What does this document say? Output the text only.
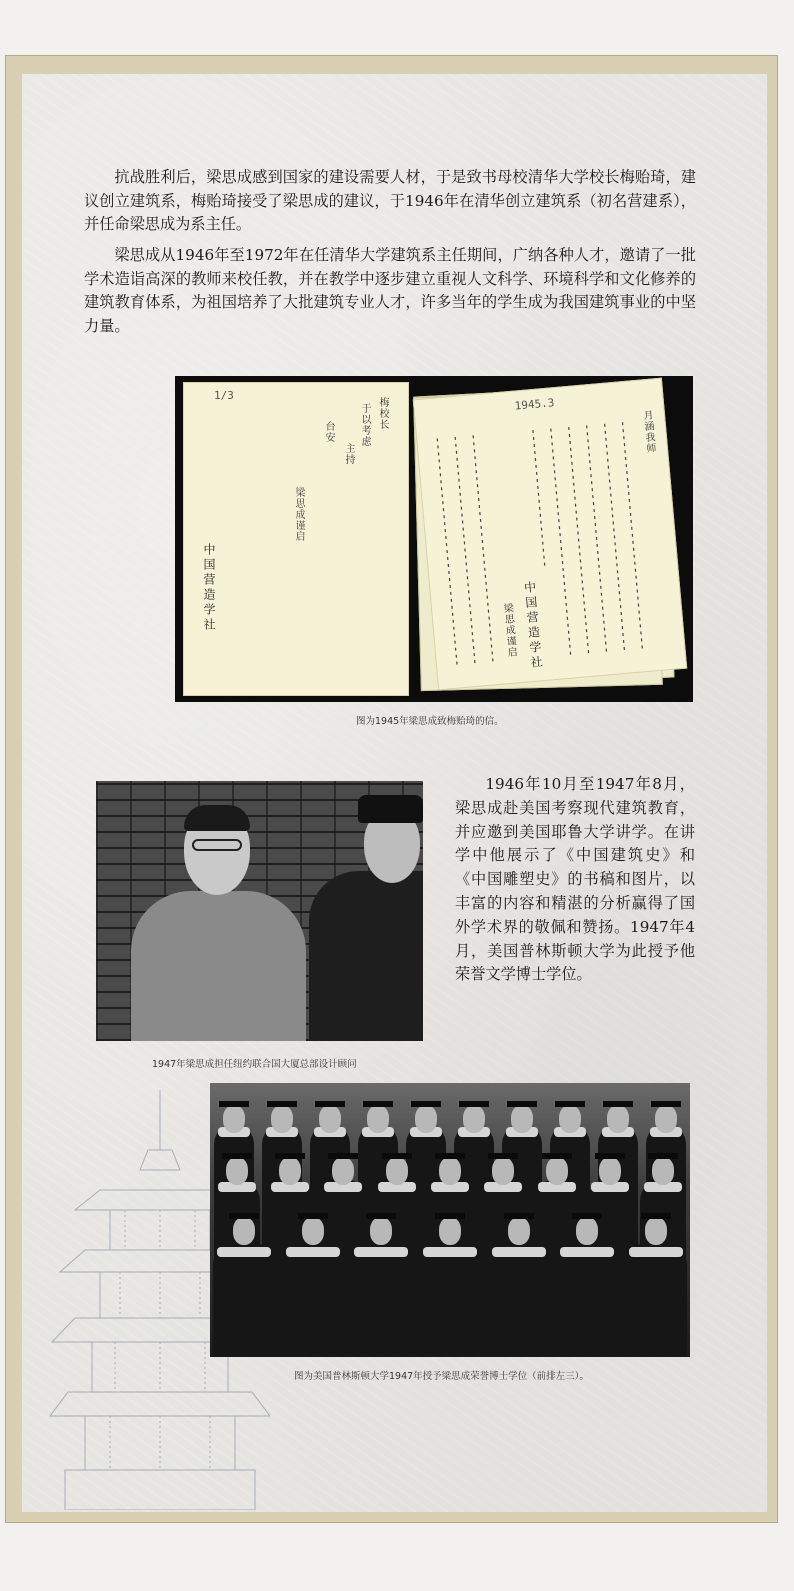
抗战胜利后，梁思成感到国家的建设需要人材，于是致书母校清华大学校长梅贻琦，建议创立建筑系，梅贻琦接受了梁思成的建议，于1946年在清华创立建筑系（初名营建系），并任命梁思成为系主任。

梁思成从1946年至1972年在任清华大学建筑系主任期间，广纳各种人才，邀请了一批学术造诣高深的教师来校任教，并在教学中逐步建立重视人文科学、环境科学和文化修养的建筑教育体系，为祖国培养了大批建筑专业人才，许多当年的学生成为我国建筑事业的中坚力量。

1/3
梅校长
于以考虑
主持
台安
梁思成谨启
中国营造学社
1945.3
月涵我师
中国营造学社
梁思成谨启
图为1945年梁思成致梅贻琦的信。
1947年梁思成担任纽约联合国大厦总部设计顾问

1946年10月至1947年8月，梁思成赴美国考察现代建筑教育，并应邀到美国耶鲁大学讲学。在讲学中他展示了《中国建筑史》和《中国雕塑史》的书稿和图片，以丰富的内容和精湛的分析赢得了国外学术界的敬佩和赞扬。1947年4月，美国普林斯顿大学为此授予他荣誉文学博士学位。

图为美国普林斯顿大学1947年授予梁思成荣誉博士学位（前排左三）。
